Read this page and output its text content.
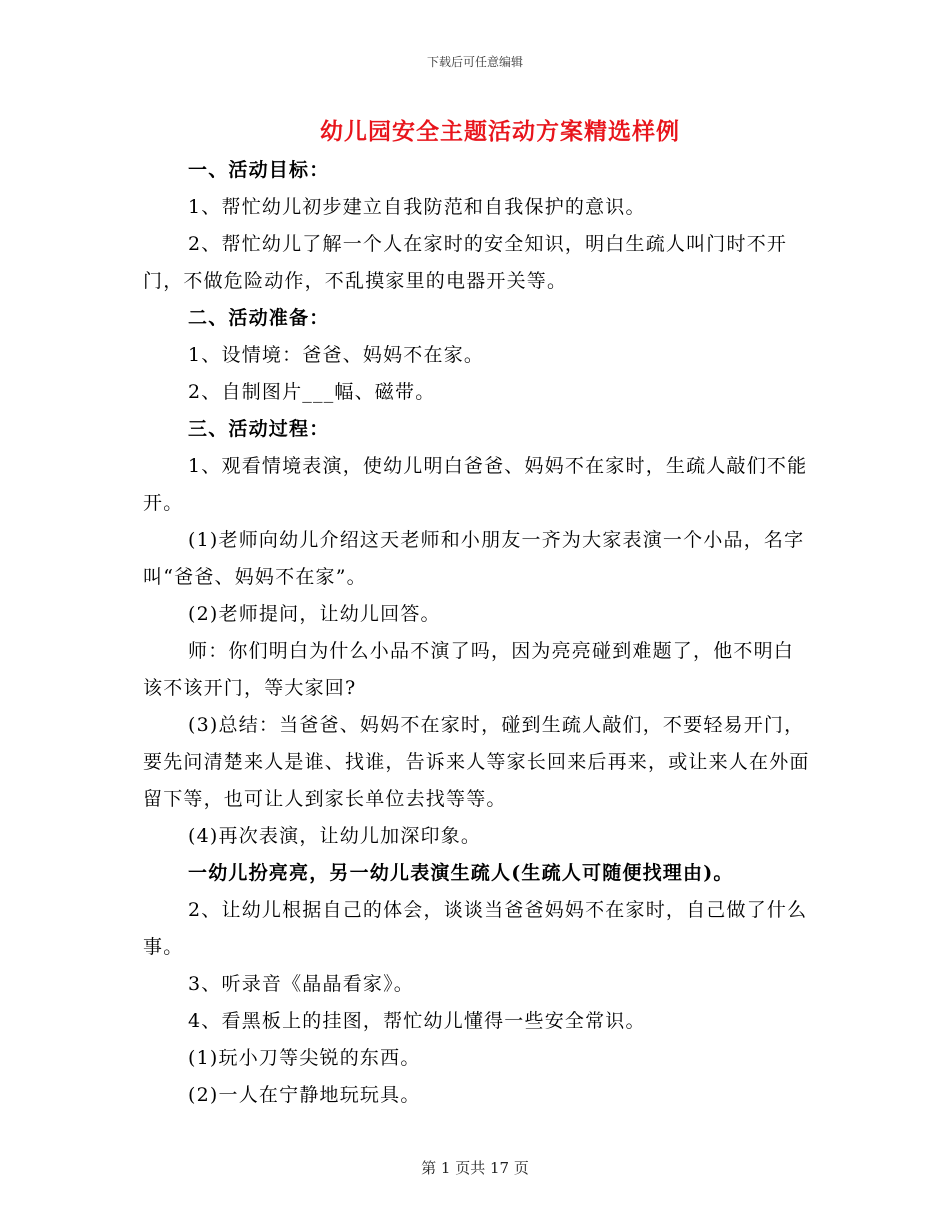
下载后可任意编辑
幼儿园安全主题活动方案精选样例

一、活动目标：

1、帮忙幼儿初步建立自我防范和自我保护的意识。

2、帮忙幼儿了解一个人在家时的安全知识，明白生疏人叫门时不开门，不做危险动作，不乱摸家里的电器开关等。

二、活动准备：

1、设情境：爸爸、妈妈不在家。

2、自制图片___幅、磁带。

三、活动过程：

1、观看情境表演，使幼儿明白爸爸、妈妈不在家时，生疏人敲们不能开。

(1)老师向幼儿介绍这天老师和小朋友一齐为大家表演一个小品，名字叫“爸爸、妈妈不在家”。

(2)老师提问，让幼儿回答。

师：你们明白为什么小品不演了吗，因为亮亮碰到难题了，他不明白该不该开门，等大家回?

(3)总结：当爸爸、妈妈不在家时，碰到生疏人敲们，不要轻易开门，要先问清楚来人是谁、找谁，告诉来人等家长回来后再来，或让来人在外面留下等，也可让人到家长单位去找等等。

(4)再次表演，让幼儿加深印象。

一幼儿扮亮亮，另一幼儿表演生疏人(生疏人可随便找理由)。

2、让幼儿根据自己的体会，谈谈当爸爸妈妈不在家时，自己做了什么事。

3、听录音《晶晶看家》。

4、看黑板上的挂图，帮忙幼儿懂得一些安全常识。

(1)玩小刀等尖锐的东西。

(2)一人在宁静地玩玩具。

第 1 页共 17 页
